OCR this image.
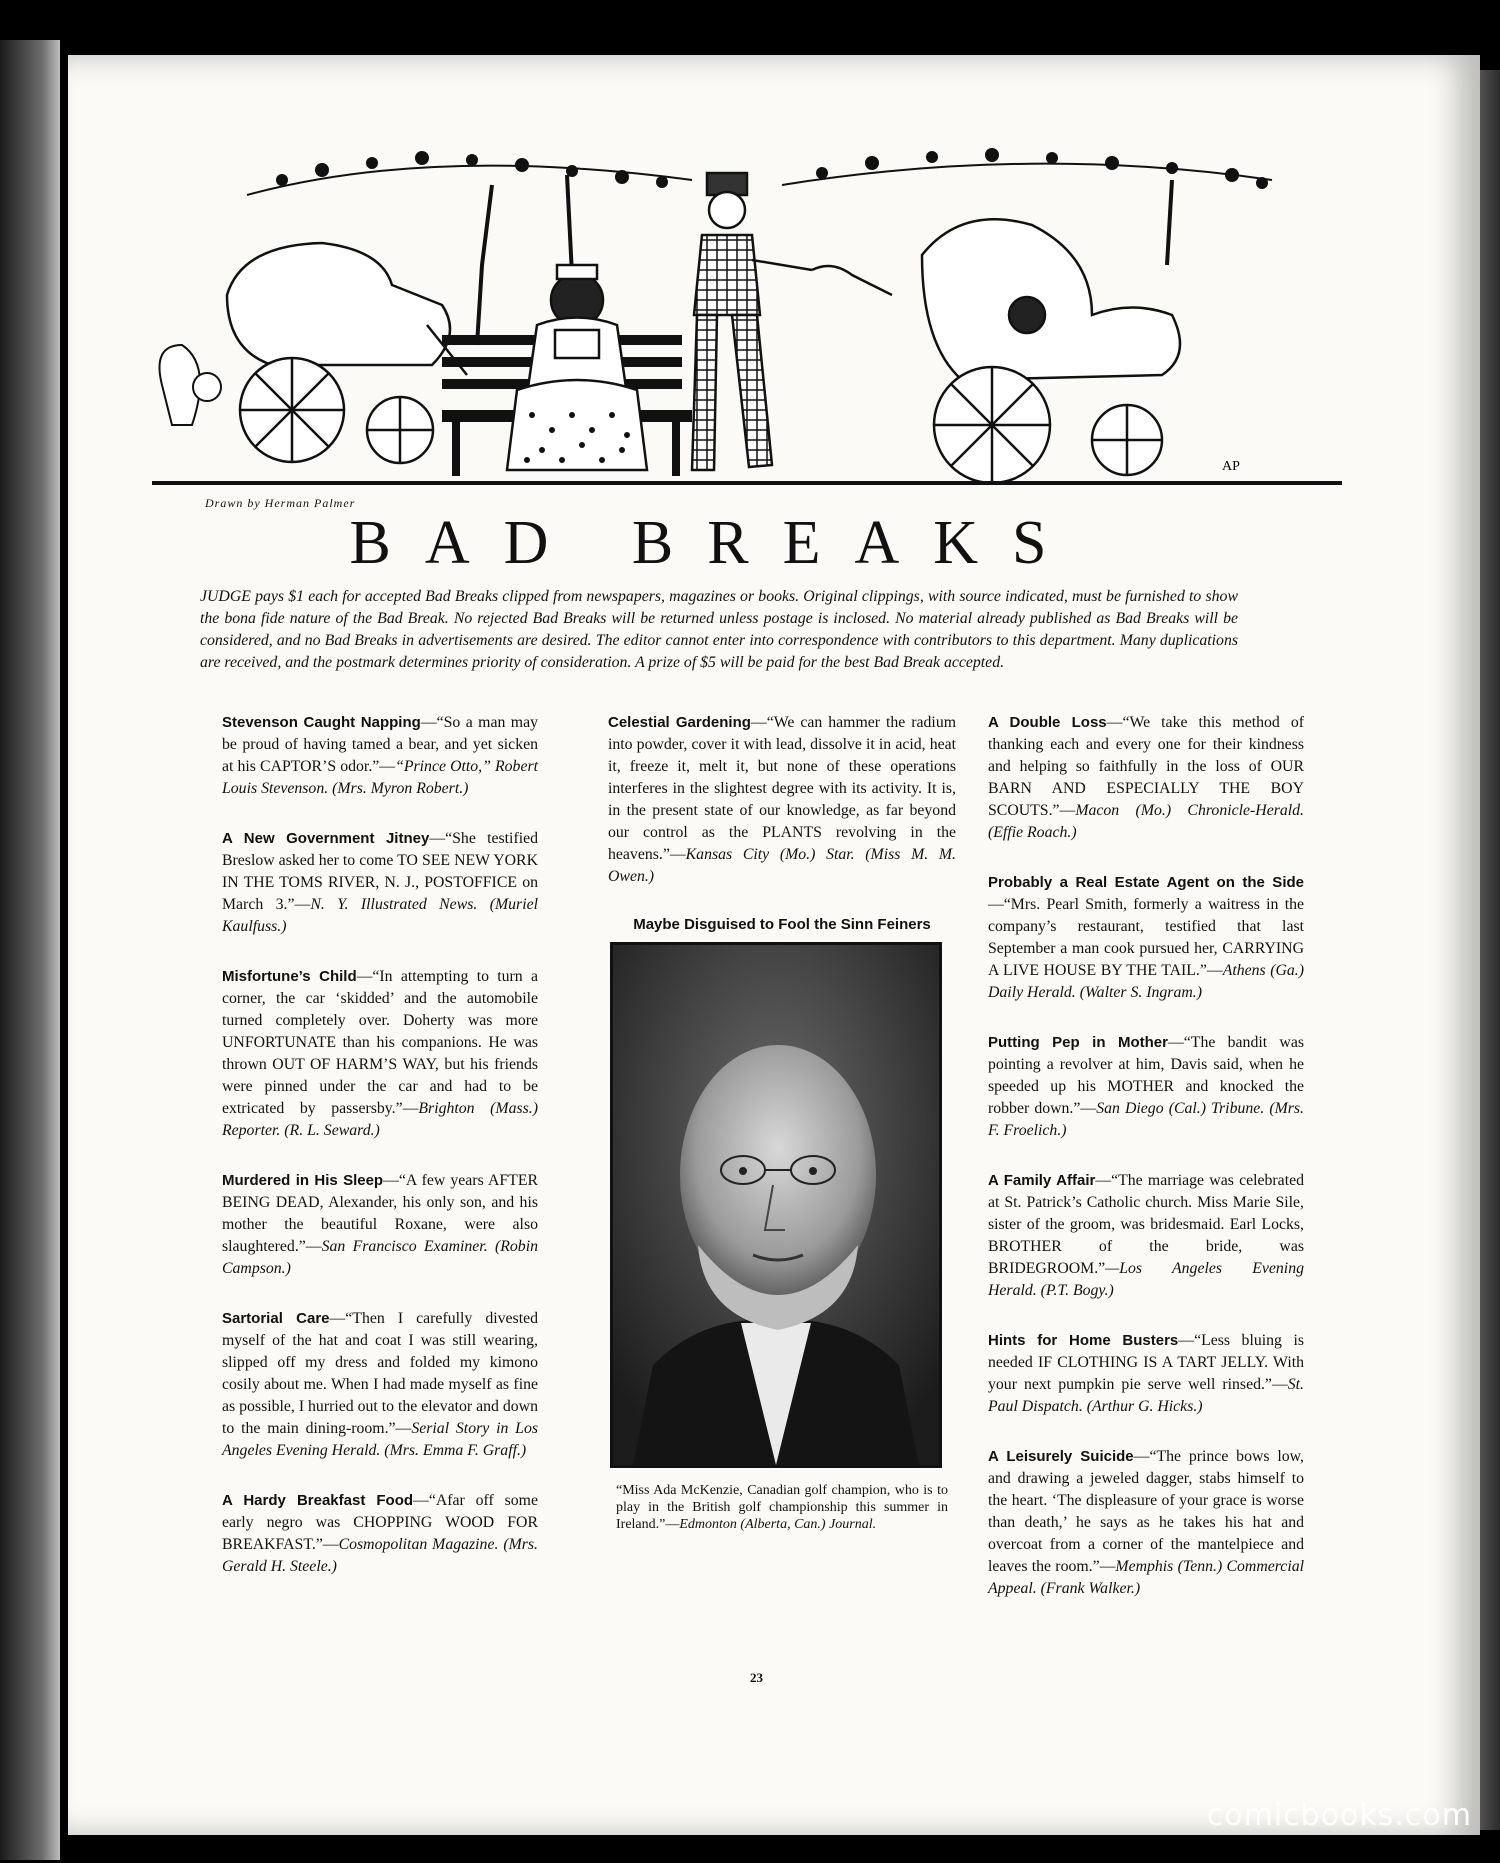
AP
Drawn by Herman Palmer
BAD BREAKS

JUDGE pays $1 each for accepted Bad Breaks clipped from newspapers, magazines or books. Original clippings, with source indicated, must be furnished to show the bona fide nature of the Bad Break. No rejected Bad Breaks will be returned unless postage is inclosed. No material already published as Bad Breaks will be considered, and no Bad Breaks in advertisements are desired. The editor cannot enter into correspondence with contributors to this department. Many duplications are received, and the postmark determines priority of consideration. A prize of $5 will be paid for the best Bad Break accepted.

Stevenson Caught Napping—“So a man may be proud of having tamed a bear, and yet sicken at his CAPTOR’S odor.”—“Prince Otto,” Robert Louis Stevenson. (Mrs. Myron Robert.)

A New Government Jitney—“She testified Breslow asked her to come TO SEE NEW YORK IN THE TOMS RIVER, N. J., POSTOFFICE on March 3.”—N. Y. Illustrated News. (Muriel Kaulfuss.)

Misfortune’s Child—“In attempting to turn a corner, the car ‘skidded’ and the automobile turned completely over. Doherty was more UNFORTUNATE than his companions. He was thrown OUT OF HARM’S WAY, but his friends were pinned under the car and had to be extricated by passersby.”—Brighton (Mass.) Reporter. (R. L. Seward.)

Murdered in His Sleep—“A few years AFTER BEING DEAD, Alexander, his only son, and his mother the beautiful Roxane, were also slaughtered.”—San Francisco Examiner. (Robin Campson.)

Sartorial Care—“Then I carefully divested myself of the hat and coat I was still wearing, slipped off my dress and folded my kimono cosily about me. When I had made myself as fine as possible, I hurried out to the elevator and down to the main dining-room.”—Serial Story in Los Angeles Evening Herald. (Mrs. Emma F. Graff.)

A Hardy Breakfast Food—“Afar off some early negro was CHOPPING WOOD FOR BREAKFAST.”—Cosmopolitan Magazine. (Mrs. Gerald H. Steele.)

Celestial Gardening—“We can hammer the radium into powder, cover it with lead, dissolve it in acid, heat it, freeze it, melt it, but none of these operations interferes in the slightest degree with its activity. It is, in the present state of our knowledge, as far beyond our control as the PLANTS revolving in the heavens.”—Kansas City (Mo.) Star. (Miss M. M. Owen.)

Maybe Disguised to Fool the Sinn Feiners

“Miss Ada McKenzie, Canadian golf champion, who is to play in the British golf championship this summer in Ireland.”—Edmonton (Alberta, Can.) Journal.

A Double Loss—“We take this method of thanking each and every one for their kindness and helping so faithfully in the loss of OUR BARN AND ESPECIALLY THE BOY SCOUTS.”—Macon (Mo.) Chronicle-Herald. (Effie Roach.)

Probably a Real Estate Agent on the Side—“Mrs. Pearl Smith, formerly a waitress in the company’s restaurant, testified that last September a man cook pursued her, CARRYING A LIVE HOUSE BY THE TAIL.”—Athens (Ga.) Daily Herald. (Walter S. Ingram.)

Putting Pep in Mother—“The bandit was pointing a revolver at him, Davis said, when he speeded up his MOTHER and knocked the robber down.”—San Diego (Cal.) Tribune. (Mrs. F. Froelich.)

A Family Affair—“The marriage was celebrated at St. Patrick’s Catholic church. Miss Marie Sile, sister of the groom, was bridesmaid. Earl Locks, BROTHER of the bride, was BRIDEGROOM.”—Los Angeles Evening Herald. (P.T. Bogy.)

Hints for Home Busters—“Less bluing is needed IF CLOTHING IS A TART JELLY. With your next pumpkin pie serve well rinsed.”—St. Paul Dispatch. (Arthur G. Hicks.)

A Leisurely Suicide—“The prince bows low, and drawing a jeweled dagger, stabs himself to the heart. ‘The displeasure of your grace is worse than death,’ he says as he takes his hat and overcoat from a corner of the mantelpiece and leaves the room.”—Memphis (Tenn.) Commercial Appeal. (Frank Walker.)

23
comicbooks.com
